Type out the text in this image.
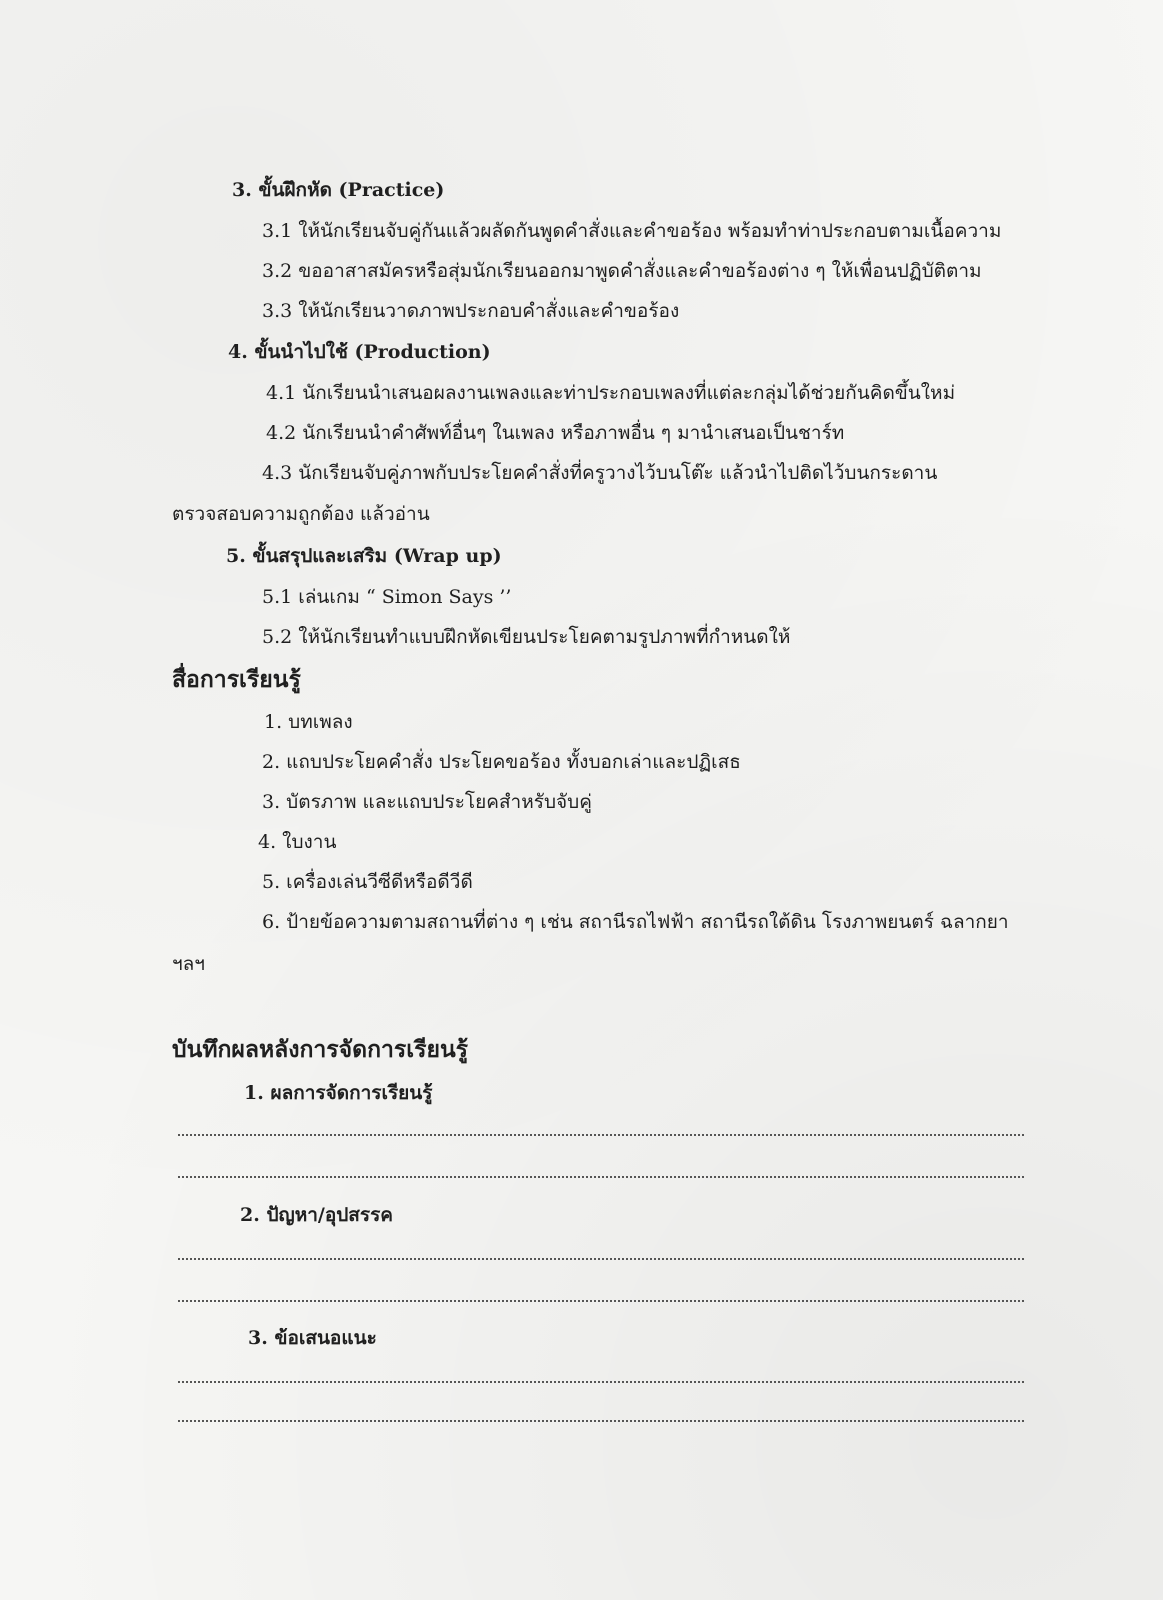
3. ขั้นฝึกหัด (Practice)
3.1 ให้นักเรียนจับคู่กันแล้วผลัดกันพูดคำสั่งและคำขอร้อง พร้อมทำท่าประกอบตามเนื้อความ
3.2 ขออาสาสมัครหรือสุ่มนักเรียนออกมาพูดคำสั่งและคำขอร้องต่าง ๆ ให้เพื่อนปฏิบัติตาม
3.3 ให้นักเรียนวาดภาพประกอบคำสั่งและคำขอร้อง
4. ขั้นนำไปใช้ (Production)
4.1 นักเรียนนำเสนอผลงานเพลงและท่าประกอบเพลงที่แต่ละกลุ่มได้ช่วยกันคิดขึ้นใหม่
4.2 นักเรียนนำคำศัพท์อื่นๆ ในเพลง หรือภาพอื่น ๆ มานำเสนอเป็นชาร์ท
4.3 นักเรียนจับคู่ภาพกับประโยคคำสั่งที่ครูวางไว้บนโต๊ะ แล้วนำไปติดไว้บนกระดาน
ตรวจสอบความถูกต้อง แล้วอ่าน
5. ขั้นสรุปและเสริม (Wrap up)
5.1 เล่นเกม “ Simon Says ’’
5.2 ให้นักเรียนทำแบบฝึกหัดเขียนประโยคตามรูปภาพที่กำหนดให้
สื่อการเรียนรู้
1. บทเพลง
2. แถบประโยคคำสั่ง ประโยคขอร้อง ทั้งบอกเล่าและปฏิเสธ
3. บัตรภาพ และแถบประโยคสำหรับจับคู่
4. ใบงาน
5. เครื่องเล่นวีซีดีหรือดีวีดี
6. ป้ายข้อความตามสถานที่ต่าง ๆ เช่น สถานีรถไฟฟ้า สถานีรถใต้ดิน โรงภาพยนตร์ ฉลากยา
ฯลฯ
บันทึกผลหลังการจัดการเรียนรู้
1. ผลการจัดการเรียนรู้
2. ปัญหา/อุปสรรค
3. ข้อเสนอแนะ
